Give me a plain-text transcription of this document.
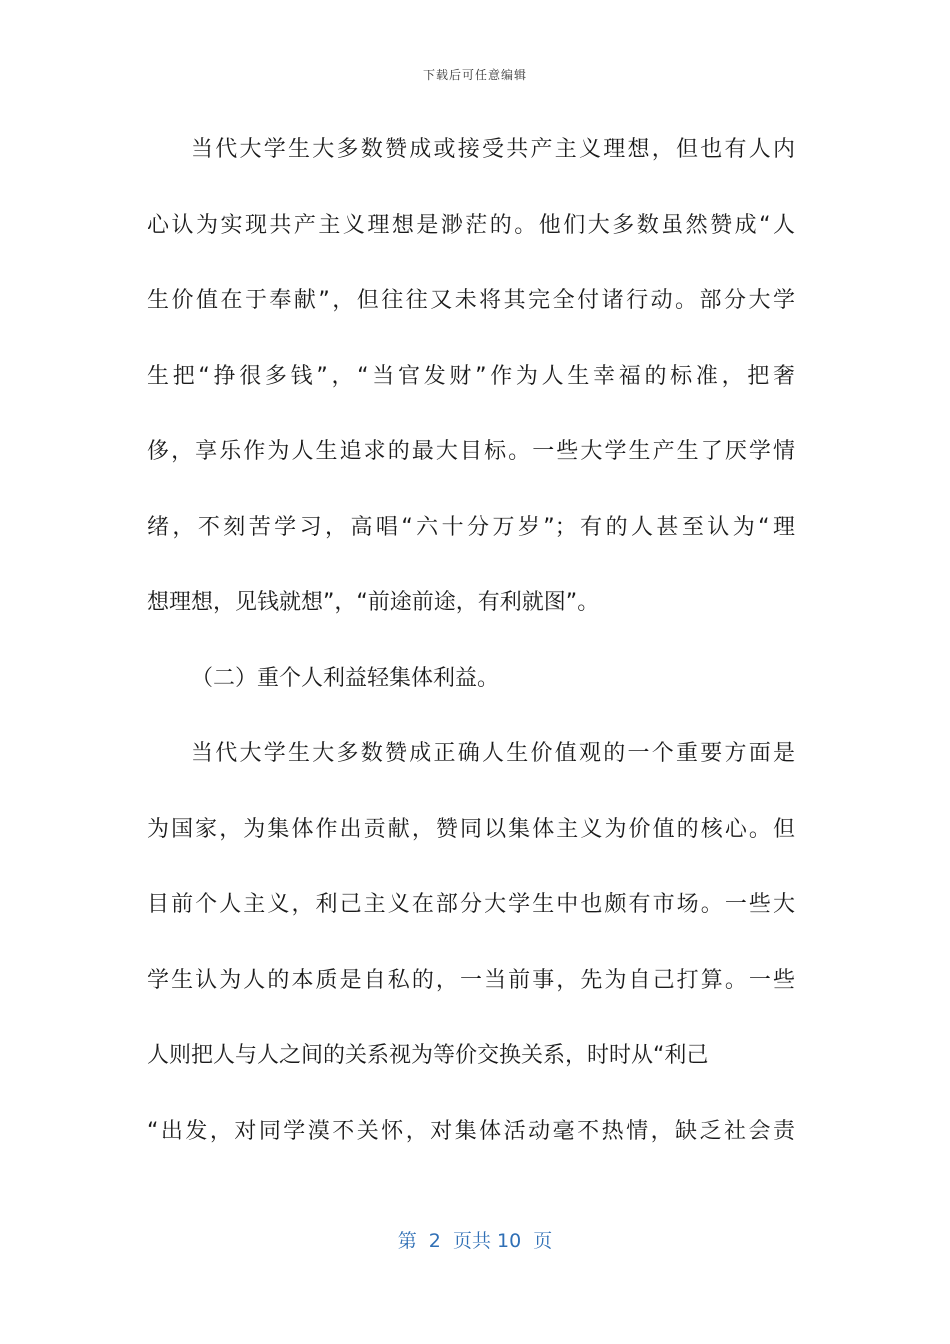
下载后可任意编辑
当代大学生大多数赞成或接受共产主义理想，但也有人内
心认为实现共产主义理想是渺茫的。他们大多数虽然赞成“人
生价值在于奉献”，但往往又未将其完全付诸行动。部分大学
生把“挣很多钱”，“当官发财”作为人生幸福的标准，把奢
侈，享乐作为人生追求的最大目标。一些大学生产生了厌学情
绪，不刻苦学习，高唱“六十分万岁”；有的人甚至认为“理
想理想，见钱就想”，“前途前途，有利就图”。
（二）重个人利益轻集体利益。
当代大学生大多数赞成正确人生价值观的一个重要方面是
为国家，为集体作出贡献，赞同以集体主义为价值的核心。但
目前个人主义，利己主义在部分大学生中也颇有市场。一些大
学生认为人的本质是自私的，一当前事，先为自己打算。一些
人则把人与人之间的关系视为等价交换关系，时时从“利己
“出发，对同学漠不关怀，对集体活动毫不热情，缺乏社会责
第  2  页共 10  页
